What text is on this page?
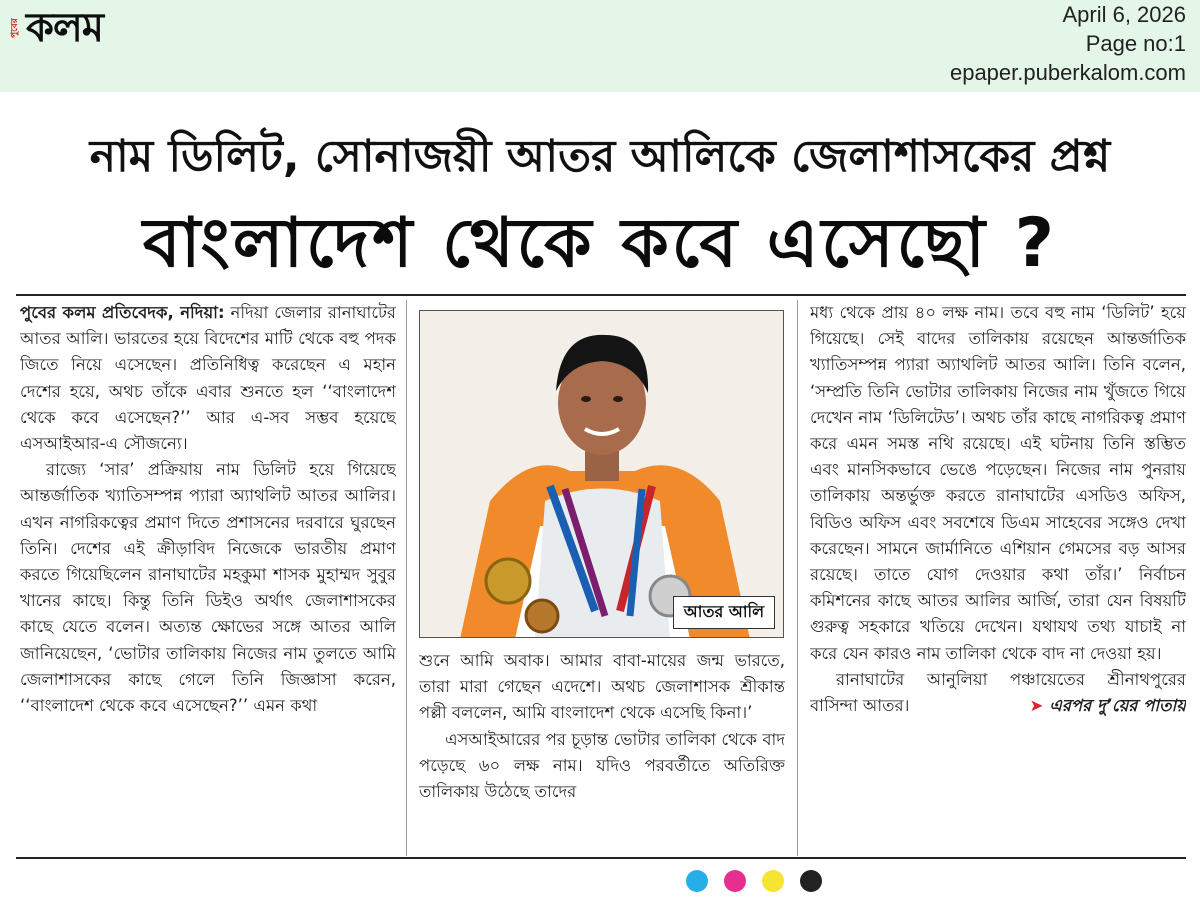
পুবের কলম	April 6, 2026
Page no:1
epaper.puberkalom.com
নাম ডিলিট, সোনাজয়ী আতর আলিকে জেলাশাসকের প্রশ্ন
বাংলাদেশ থেকে কবে এসেছো ?

পুবের কলম প্রতিবেদক, নদিয়া: নদিয়া জেলার রানাঘাটের আতর আলি। ভারতের হয়ে বিদেশের মাটি থেকে বহু পদক জিতে নিয়ে এসেছেন। প্রতিনিধিত্ব করেছেন এ মহান দেশের হয়ে, অথচ তাঁকে এবার শুনতে হল ‘‘বাংলাদেশ থেকে কবে এসেছেন?’’ আর এ-সব সম্ভব হয়েছে এসআইআর-এ সৌজন্যে।

রাজ্যে ‘সার’ প্রক্রিয়ায় নাম ডিলিট হয়ে গিয়েছে আন্তর্জাতিক খ্যাতিসম্পন্ন প্যারা অ্যাথলিট আতর আলির। এখন নাগরিকত্বের প্রমাণ দিতে প্রশাসনের দরবারে ঘুরছেন তিনি। দেশের এই ক্রীড়াবিদ নিজেকে ভারতীয় প্রমাণ করতে গিয়েছিলেন রানাঘাটের মহকুমা শাসক মুহাম্মদ সুবুর খানের কাছে। কিন্তু তিনি ডিইও অর্থাৎ জেলাশাসকের কাছে যেতে বলেন। অত্যন্ত ক্ষোভের সঙ্গে আতর আলি জানিয়েছেন, ‘ভোটার তালিকায় নিজের নাম তুলতে আমি জেলাশাসকের কাছে গেলে তিনি জিজ্ঞাসা করেন, ‘‘বাংলাদেশ থেকে কবে এসেছেন?’’ এমন কথা

আতর আলি

শুনে আমি অবাক। আমার বাবা-মায়ের জন্ম ভারতে, তারা মারা গেছেন এদেশে। অথচ জেলাশাসক শ্রীকান্ত পল্লী বললেন, আমি বাংলাদেশ থেকে এসেছি কিনা।’

এসআইআরের পর চূড়ান্ত ভোটার তালিকা থেকে বাদ পড়েছে ৬০ লক্ষ নাম। যদিও পরবর্তীতে অতিরিক্ত তালিকায় উঠেছে তাদের

মধ্য থেকে প্রায় ৪০ লক্ষ নাম। তবে বহু নাম ‘ডিলিট’ হয়ে গিয়েছে। সেই বাদের তালিকায় রয়েছেন আন্তর্জাতিক খ্যাতিসম্পন্ন প্যারা অ্যাথলিট আতর আলি। তিনি বলেন, ‘সম্প্রতি তিনি ভোটার তালিকায় নিজের নাম খুঁজতে গিয়ে দেখেন নাম ‘ডিলিটেড’। অথচ তাঁর কাছে নাগরিকত্ব প্রমাণ করে এমন সমস্ত নথি রয়েছে। এই ঘটনায় তিনি স্তম্ভিত এবং মানসিকভাবে ভেঙে পড়েছেন। নিজের নাম পুনরায় তালিকায় অন্তর্ভুক্ত করতে রানাঘাটের এসডিও অফিস, বিডিও অফিস এবং সবশেষে ডিএম সাহেবের সঙ্গেও দেখা করেছেন। সামনে জার্মানিতে এশিয়ান গেমসের বড় আসর রয়েছে। তাতে যোগ দেওয়ার কথা তাঁর।’ নির্বাচন কমিশনের কাছে আতর আলির আর্জি, তারা যেন বিষয়টি গুরুত্ব সহকারে খতিয়ে দেখেন। যথাযথ তথ্য যাচাই না করে যেন কারও নাম তালিকা থেকে বাদ না দেওয়া হয়।

রানাঘাটের আনুলিয়া পঞ্চায়েতের শ্রীনাথপুরের বাসিন্দা আতর।	➤ এরপর দু’য়ের পাতায়
